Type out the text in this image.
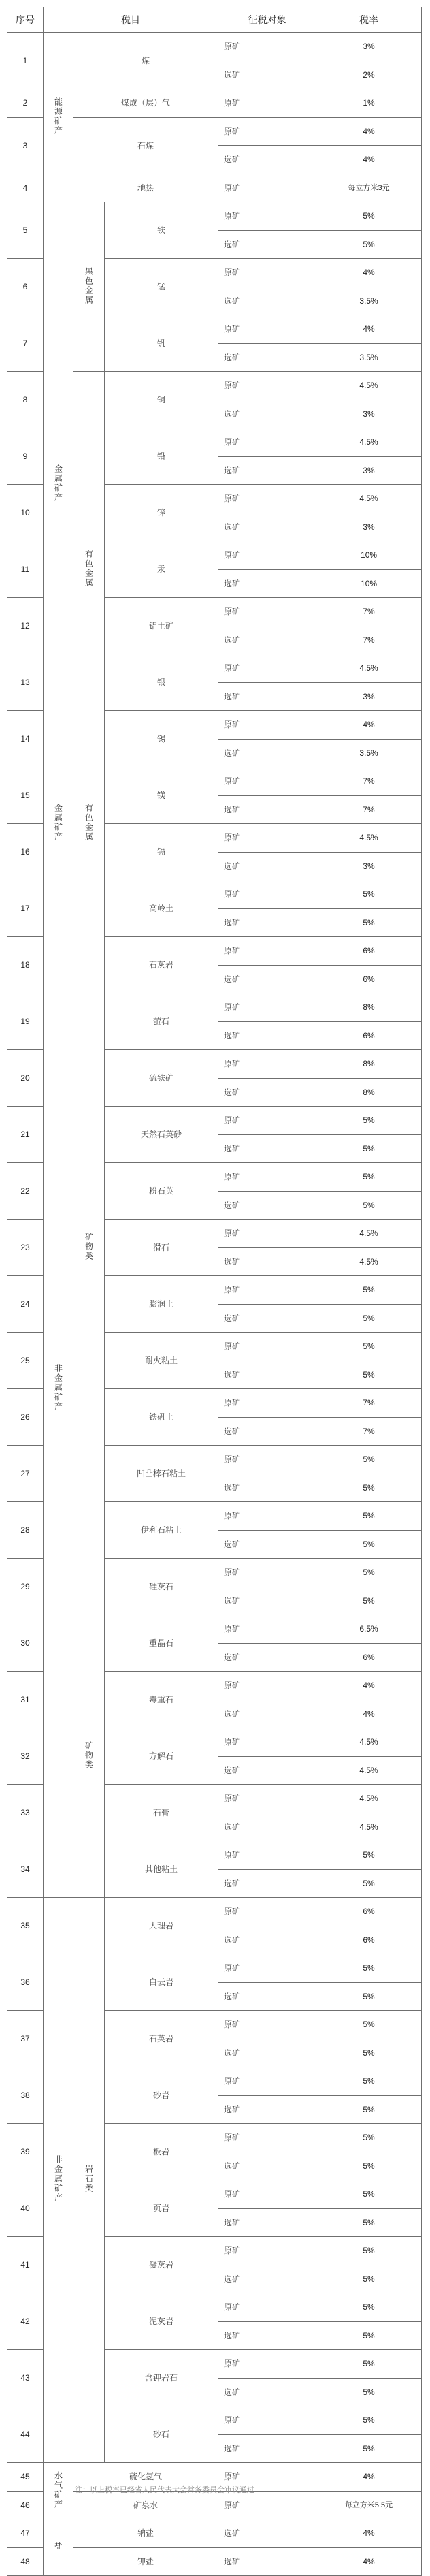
序号	税目			征税对象	税率
1	能源矿产	煤		原矿	3%
				选矿	2%
2		煤成（层）气		原矿	1%
3		石煤		原矿	4%
				选矿	4%
4		地热		原矿	每立方米3元
5	金属矿产	黑色金属	铁	原矿	5%
				选矿	5%
6			锰	原矿	4%
				选矿	3.5%
7			钒	原矿	4%
				选矿	3.5%
8		有色金属	铜	原矿	4.5%
				选矿	3%
9			铅	原矿	4.5%
				选矿	3%
10			锌	原矿	4.5%
				选矿	3%
11			汞	原矿	10%
				选矿	10%
12			铝土矿	原矿	7%
				选矿	7%
13			银	原矿	4.5%
				选矿	3%
14			锡	原矿	4%
				选矿	3.5%
15	金属矿产	有色金属	镁	原矿	7%
				选矿	7%
16			镉	原矿	4.5%
				选矿	3%
17	非金属矿产	矿物类	高岭土	原矿	5%
				选矿	5%
18			石灰岩	原矿	6%
				选矿	6%
19			萤石	原矿	8%
				选矿	6%
20			硫铁矿	原矿	8%
				选矿	8%
21			天然石英砂	原矿	5%
				选矿	5%
22			粉石英	原矿	5%
				选矿	5%
23			滑石	原矿	4.5%
				选矿	4.5%
24			膨润土	原矿	5%
				选矿	5%
25			耐火粘土	原矿	5%
				选矿	5%
26			铁矾土	原矿	7%
				选矿	7%
27			凹凸棒石粘土	原矿	5%
				选矿	5%
28			伊利石粘土	原矿	5%
				选矿	5%
29			硅灰石	原矿	5%
				选矿	5%
30		矿物类	重晶石	原矿	6.5%
				选矿	6%
31			毒重石	原矿	4%
				选矿	4%
32			方解石	原矿	4.5%
				选矿	4.5%
33			石膏	原矿	4.5%
				选矿	4.5%
34			其他粘土	原矿	5%
				选矿	5%
35	非金属矿产	岩石类	大理岩	原矿	6%
				选矿	6%
36			白云岩	原矿	5%
				选矿	5%
37			石英岩	原矿	5%
				选矿	5%
38			砂岩	原矿	5%
				选矿	5%
39			板岩	原矿	5%
				选矿	5%
40			页岩	原矿	5%
				选矿	5%
41			凝灰岩	原矿	5%
				选矿	5%
42			泥灰岩	原矿	5%
				选矿	5%
43			含钾岩石	原矿	5%
				选矿	5%
44			砂石	原矿	5%
				选矿	5%
45	水气矿产	硫化氢气		原矿	4%
46		矿泉水		原矿	每立方米5.5元
47	盐	钠盐		选矿	4%
48		钾盐		选矿	4%
注：以上税率已经省人民代表大会常务委员会审议通过
